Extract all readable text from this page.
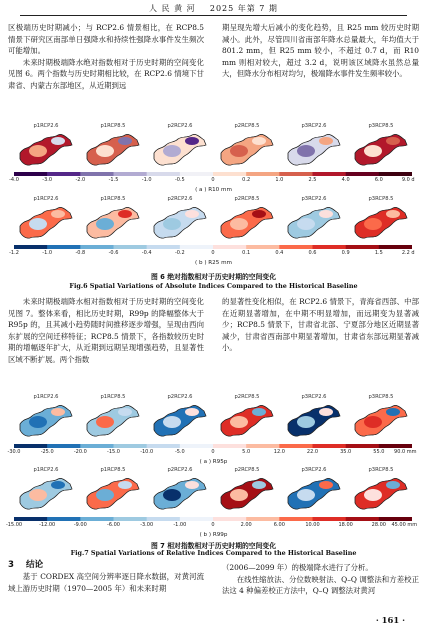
人 民 黄 河 2025 年第 7 期

区极端历史时期减小；与 RCP2.6 情景相比，在 RCP8.5 情景下研究区南部单日强降水和持续性强降水事件发生频次可能增加。

未来时期极端降水绝对指数相对于历史时期的空间变化见图 6。两个指数与历史时期相比较，在 RCP2.6 情境下甘肃省、内蒙古东部地区，从近期到远

期呈现先增大后减小的变化趋势，且 R25 mm 较历史时期减小。此外，尽管四川省南部年降水总量最大，年均值大于 801.2 mm，但 R25 mm 较小，不超过 0.7 d，而 R10 mm 则相对较大，超过 3.2 d，说明该区域降水虽然总量大，但降水分布相对均匀，极端降水事件发生频率较小。

p1RCP2.6	p1RCP8.5	p2RCP2.6	p2RCP8.5	p3RCP2.6	p3RCP8.5
-4.0	-3.0	-2.0	-1.5	-1.0	-0.5	0	0.2	1.0	2.5	4.0	6.0	9.0 d
( a ) R10 mm
p1RCP2.6	p1RCP8.5	p2RCP2.6	p2RCP8.5	p3RCP2.6	p3RCP8.5
-1.2	-1.0	-0.8	-0.6	-0.4	-0.2	0	0.1	0.4	0.6	0.9	1.5	2.2 d
( b ) R25 mm
图 6 绝对指数相对于历史时期的空间变化
Fig.6 Spatial Variations of Absolute Indices Compared to the Historical Baseline

未来时期极端降水相对指数相对于历史时期的空间变化见图 7。整体来看，相比历史时期，R99p 的降幅整体大于 R95p 的，且其减小趋势随时间推移逐步增强，呈现由西向东扩展的空间迁移特征；RCP8.5 情景下，各指数较历史时期的增幅逐年扩大，从近期到远期呈现增强趋势，且显著性区域不断扩展。两个指数

的显著性变化相似，在 RCP2.6 情景下，青海省西部、中部在近期显著增加，在中期不明显增加，而远期变为显著减少；RCP8.5 情景下，甘肃省北部、宁夏部分地区近期显著减少，甘肃省西南部中期显著增加，甘肃省东部远期显著减小。

p1RCP2.6	p1RCP8.5	p2RCP2.6	p2RCP8.5	p3RCP2.6	p3RCP8.5
-30.0	-25.0	-20.0	-15.0	-10.0	-5.0	0	5.0	12.0	22.0	35.0	55.0 90.0 mm
( a ) R95p
p1RCP2.6	p1RCP8.5	p2RCP2.6	p2RCP8.5	p3RCP2.6	p3RCP8.5
-15.00	-12.00	-9.00	-6.00	-3.00	-1.00	0	2.00	6.00	10.00	18.00	28.00 45.00 mm
( b ) R99p
图 7 相对指数相对于历史时期的空间变化
Fig.7 Spatial Variations of Relative Indices Compared to the Historical Baseline
3 结论

基于 CORDEX 高空间分辨率逐日降水数据，对黄河流域上游历史时期（1970—2005 年）和未来时期

（2006—2099 年）的极端降水进行了分析。

在线性缩放法、分位数映射法、Q–Q 调整法和方差校正法这 4 种偏差校正方法中，Q–Q 调整法对黄河

· 161 ·
